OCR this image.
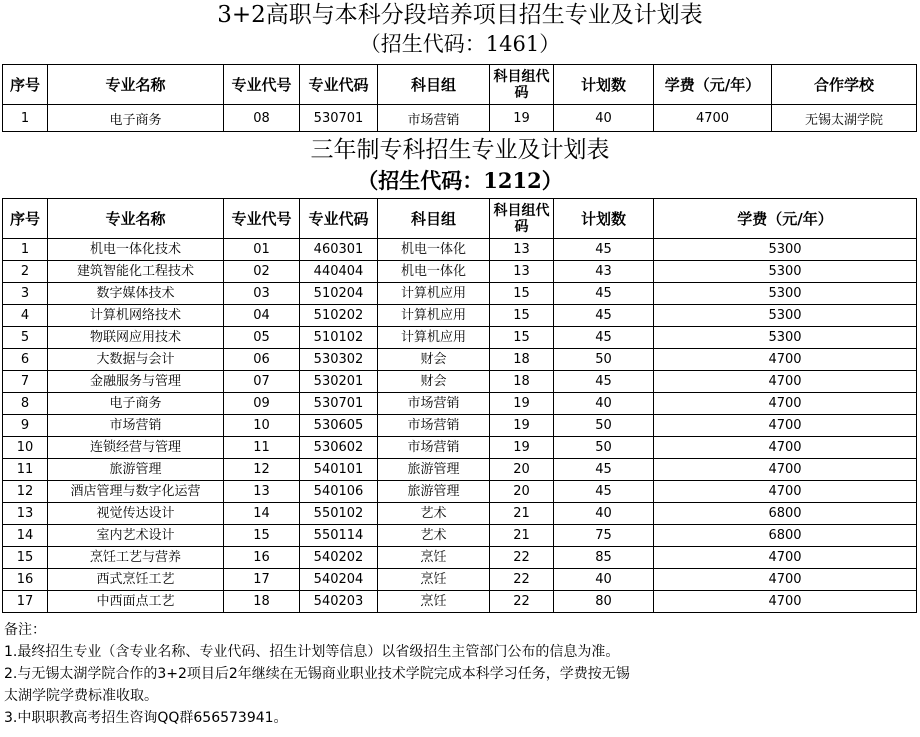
3+2高职与本科分段培养项目招生专业及计划表
（招生代码：1461）
序号	专业名称	专业代号	专业代码	科目组	科目组代码	计划数	学费（元/年）	合作学校
1	电子商务	08	530701	市场营销	19	40	4700	无锡太湖学院
三年制专科招生专业及计划表
（招生代码：1212）
序号	专业名称	专业代号	专业代码	科目组	科目组代码	计划数	学费（元/年）
1	机电一体化技术	01	460301	机电一体化	13	45	5300
2	建筑智能化工程技术	02	440404	机电一体化	13	43	5300
3	数字媒体技术	03	510204	计算机应用	15	45	5300
4	计算机网络技术	04	510202	计算机应用	15	45	5300
5	物联网应用技术	05	510102	计算机应用	15	45	5300
6	大数据与会计	06	530302	财会	18	50	4700
7	金融服务与管理	07	530201	财会	18	45	4700
8	电子商务	09	530701	市场营销	19	40	4700
9	市场营销	10	530605	市场营销	19	50	4700
10	连锁经营与管理	11	530602	市场营销	19	50	4700
11	旅游管理	12	540101	旅游管理	20	45	4700
12	酒店管理与数字化运营	13	540106	旅游管理	20	45	4700
13	视觉传达设计	14	550102	艺术	21	40	6800
14	室内艺术设计	15	550114	艺术	21	75	6800
15	烹饪工艺与营养	16	540202	烹饪	22	85	4700
16	西式烹饪工艺	17	540204	烹饪	22	40	4700
17	中西面点工艺	18	540203	烹饪	22	80	4700
备注：
1.最终招生专业（含专业名称、专业代码、招生计划等信息）以省级招生主管部门公布的信息为准。
2.与无锡太湖学院合作的3+2项目后2年继续在无锡商业职业技术学院完成本科学习任务，学费按无锡
太湖学院学费标准收取。
3.中职职教高考招生咨询QQ群656573941。
